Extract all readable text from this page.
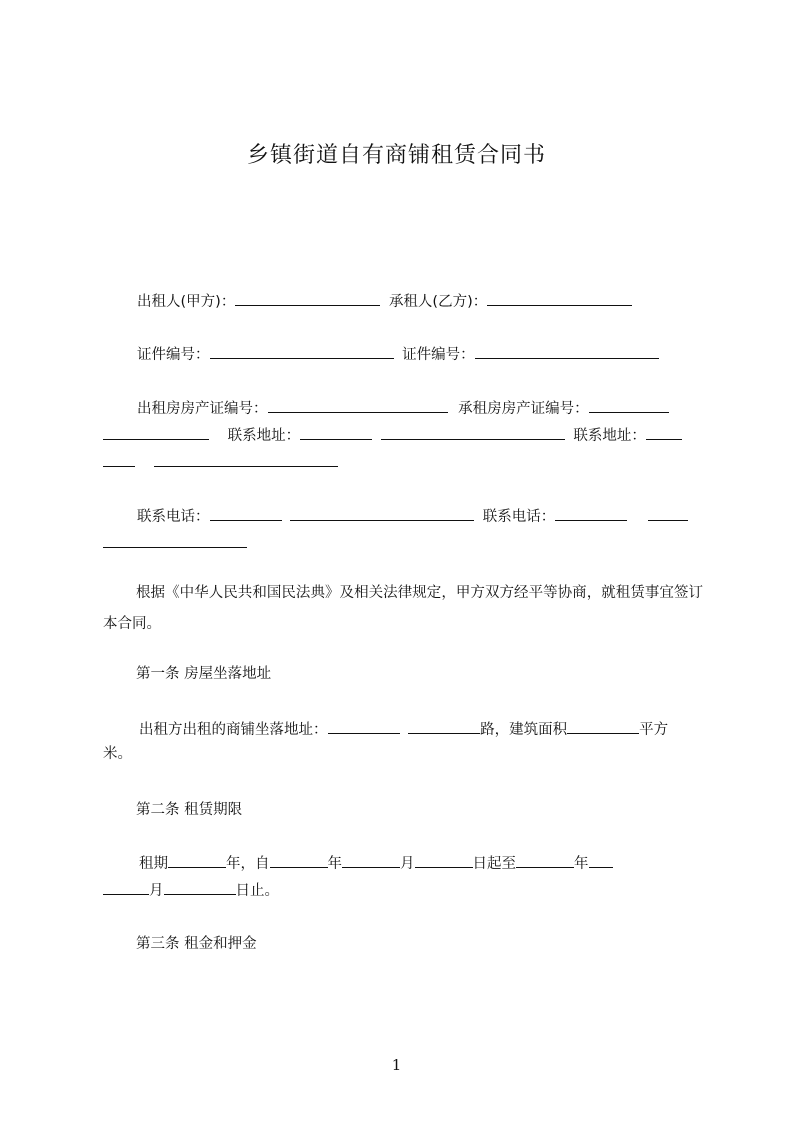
乡镇街道自有商铺租赁合同书
出租人(甲方)：	承租人(乙方)：
证件编号：	证件编号：
出租房房产证编号：	承租房房产证编号：
联系地址：	联系地址：

联系电话：	联系电话：
根据《中华人民共和国民法典》及相关法律规定，甲方双方经平等协商，就租赁事宜签订本合同。
第一条 房屋坐落地址
出租方出租的商铺坐落地址：	路，建筑面积	平方
米。
第二条 租赁期限
租期	年，自	年	月	日起至	年
月	日止。
第三条 租金和押金
1
